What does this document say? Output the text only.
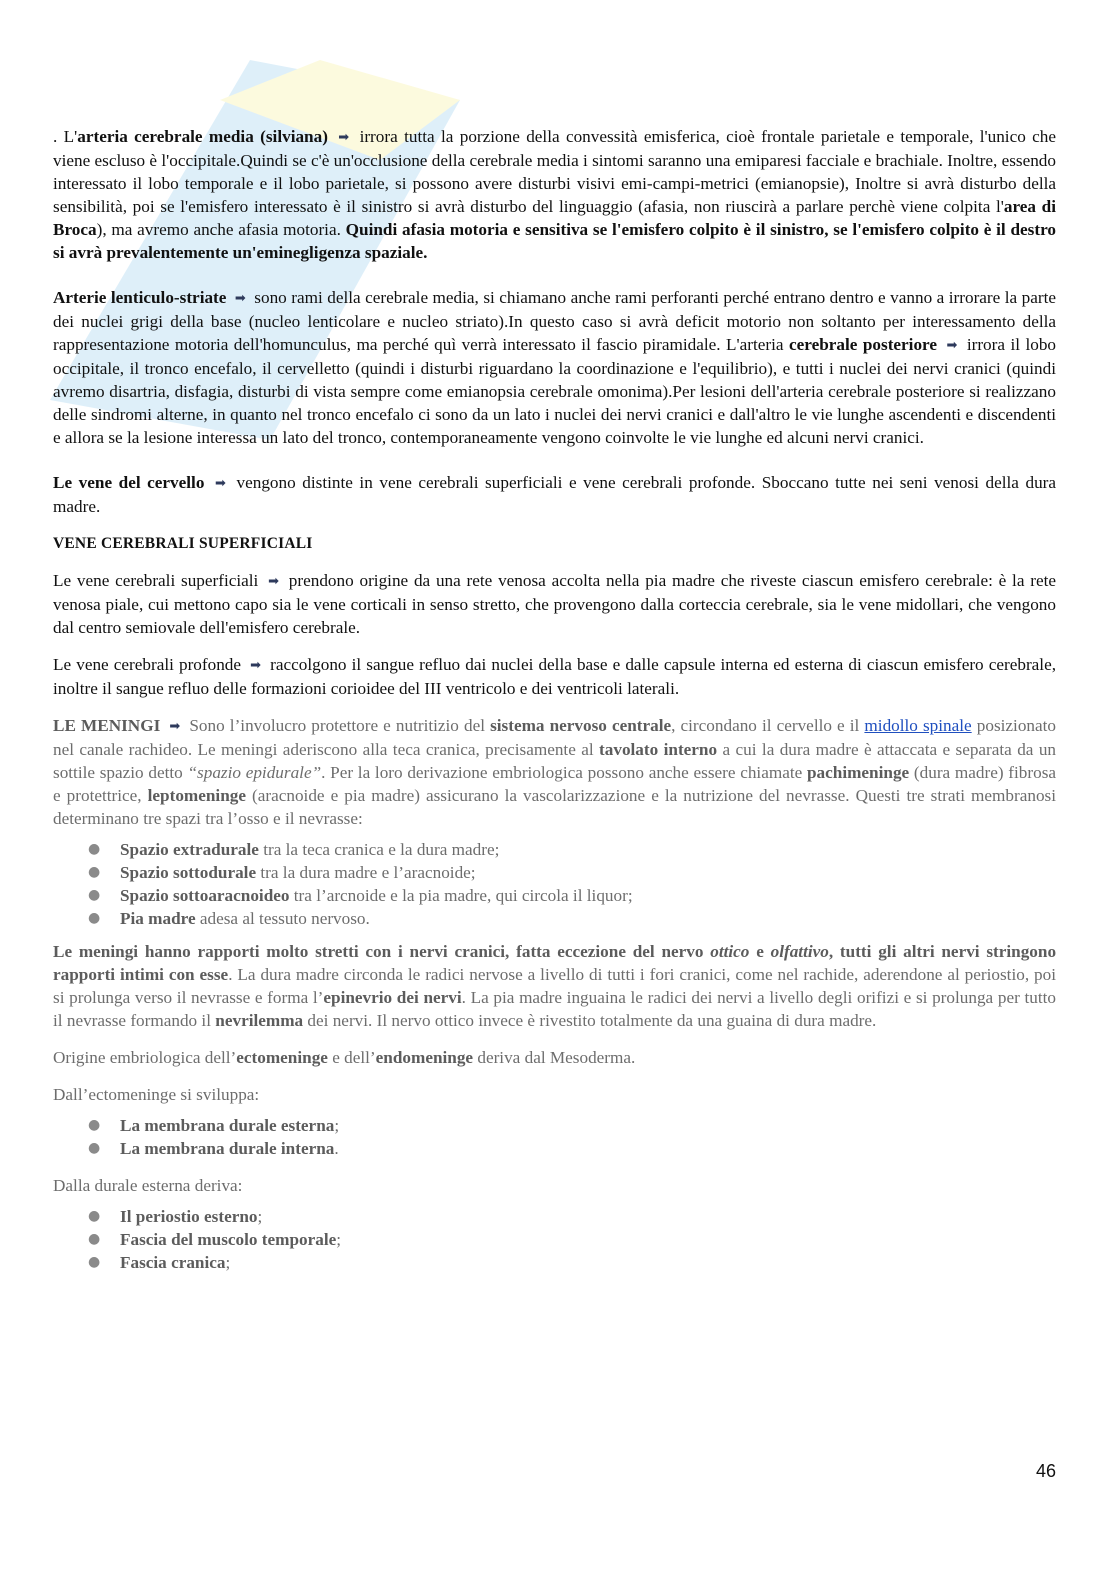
. L'arteria cerebrale media (silviana) ➡ irrora tutta la porzione della convessità emisferica, cioè frontale parietale e temporale, l'unico che viene escluso è l'occipitale.Quindi se c'è un'occlusione della cerebrale media i sintomi saranno una emiparesi facciale e brachiale. Inoltre, essendo interessato il lobo temporale e il lobo parietale, si possono avere disturbi visivi emi-campi-metrici (emianopsie), Inoltre si avrà disturbo della sensibilità, poi se l'emisfero interessato è il sinistro si avrà disturbo del linguaggio (afasia, non riuscirà a parlare perchè viene colpita l'area di Broca), ma avremo anche afasia motoria. Quindi afasia motoria e sensitiva se l'emisfero colpito è il sinistro, se l'emisfero colpito è il destro si avrà prevalentemente un'eminegligenza spaziale.

Arterie lenticulo-striate ➡ sono rami della cerebrale media, si chiamano anche rami perforanti perché entrano dentro e vanno a irrorare la parte dei nuclei grigi della base (nucleo lenticolare e nucleo striato).In questo caso si avrà deficit motorio non soltanto per interessamento della rappresentazione motoria dell'homunculus, ma perché quì verrà interessato il fascio piramidale. L'arteria cerebrale posteriore ➡ irrora il lobo occipitale, il tronco encefalo, il cervelletto (quindi i disturbi riguardano la coordinazione e l'equilibrio), e tutti i nuclei dei nervi cranici (quindi avremo disartria, disfagia, disturbi di vista sempre come emianopsia cerebrale omonima).Per lesioni dell'arteria cerebrale posteriore si realizzano delle sindromi alterne, in quanto nel tronco encefalo ci sono da un lato i nuclei dei nervi cranici e dall'altro le vie lunghe ascendenti e discendenti e allora se la lesione interessa un lato del tronco, contemporaneamente vengono coinvolte le vie lunghe ed alcuni nervi cranici.

Le vene del cervello ➡ vengono distinte in vene cerebrali superficiali e vene cerebrali profonde. Sboccano tutte nei seni venosi della dura madre.

VENE CEREBRALI SUPERFICIALI

Le vene cerebrali superficiali ➡ prendono origine da una rete venosa accolta nella pia madre che riveste ciascun emisfero cerebrale: è la rete venosa piale, cui mettono capo sia le vene corticali in senso stretto, che provengono dalla corteccia cerebrale, sia le vene midollari, che vengono dal centro semiovale dell'emisfero cerebrale.

Le vene cerebrali profonde ➡ raccolgono il sangue refluo dai nuclei della base e dalle capsule interna ed esterna di ciascun emisfero cerebrale, inoltre il sangue refluo delle formazioni corioidee del III ventricolo e dei ventricoli laterali.

LE MENINGI ➡ Sono l’involucro protettore e nutritizio del sistema nervoso centrale, circondano il cervello e il midollo spinale posizionato nel canale rachideo. Le meningi aderiscono alla teca cranica, precisamente al tavolato interno a cui la dura madre è attaccata e separata da un sottile spazio detto “spazio epidurale”. Per la loro derivazione embriologica possono anche essere chiamate pachimeninge (dura madre) fibrosa e protettrice, leptomeninge (aracnoide e pia madre) assicurano la vascolarizzazione e la nutrizione del nevrasse. Questi tre strati membranosi determinano tre spazi tra l’osso e il nevrasse:

● Spazio extradurale tra la teca cranica e la dura madre;
● Spazio sottodurale tra la dura madre e l’aracnoide;
● Spazio sottoaracnoideo tra l’arcnoide e la pia madre, qui circola il liquor;
● Pia madre adesa al tessuto nervoso.

Le meningi hanno rapporti molto stretti con i nervi cranici, fatta eccezione del nervo ottico e olfattivo, tutti gli altri nervi stringono rapporti intimi con esse. La dura madre circonda le radici nervose a livello di tutti i fori cranici, come nel rachide, aderendone al periostio, poi si prolunga verso il nevrasse e forma l’epinevrio dei nervi. La pia madre inguaina le radici dei nervi a livello degli orifizi e si prolunga per tutto il nevrasse formando il nevrilemma dei nervi. Il nervo ottico invece è rivestito totalmente da una guaina di dura madre.

Origine embriologica dell’ectomeninge e dell’endomeninge deriva dal Mesoderma.

Dall’ectomeninge si sviluppa:

● La membrana durale esterna;
● La membrana durale interna.

Dalla durale esterna deriva:

● Il periostio esterno;
● Fascia del muscolo temporale;
● Fascia cranica;
46
